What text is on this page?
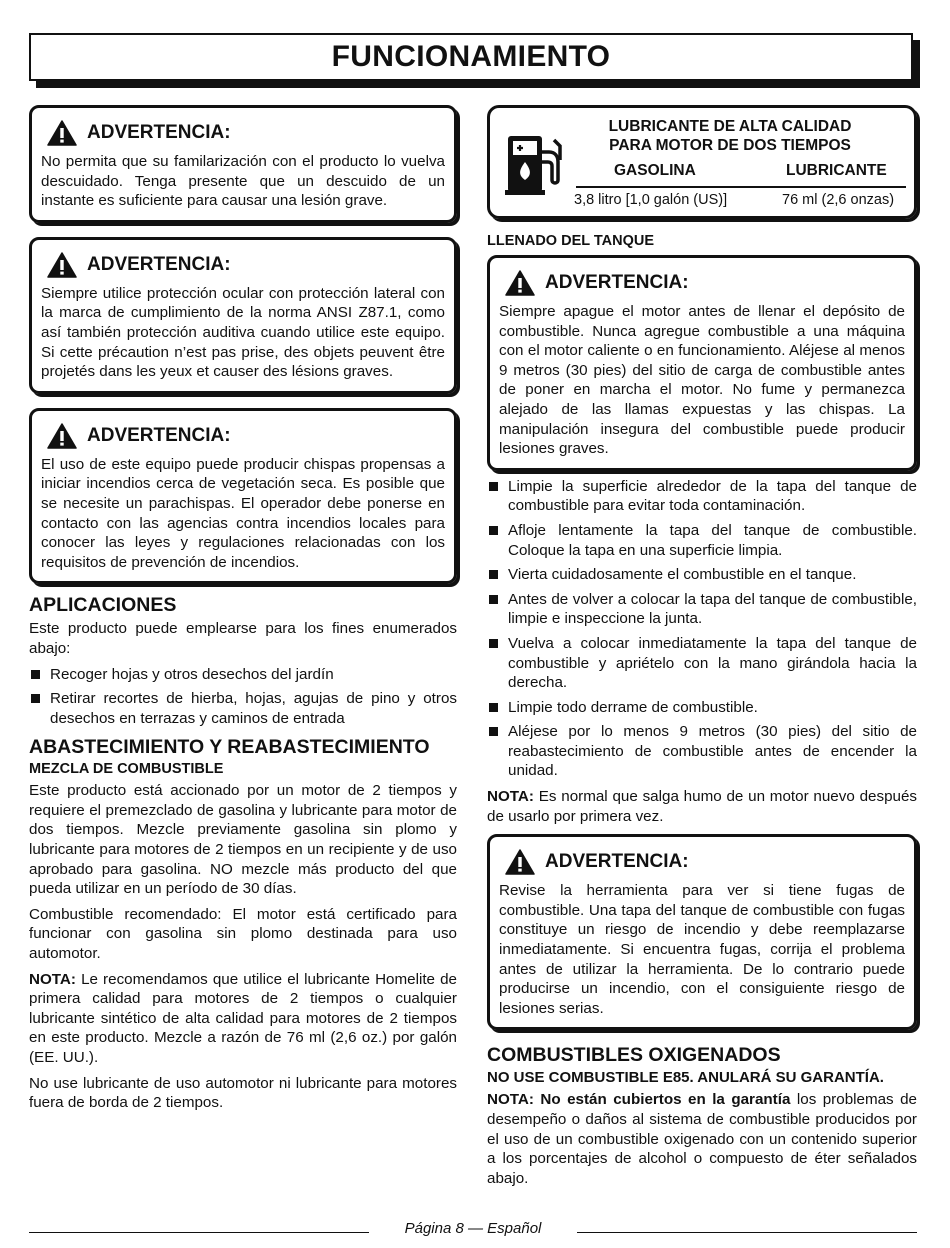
FUNCIONAMIENTO
ADVERTENCIA:

No permita que su familarización con el producto lo vuelva descuidado. Tenga presente que un descuido de un instante es suficiente para causar una lesión grave.

ADVERTENCIA:

Siempre utilice protección ocular con protección lateral con la marca de cumplimiento de la norma ANSI Z87.1, como así también protección auditiva cuando utilice este equipo. Si cette précaution n’est pas prise, des objets peuvent être projetés dans les yeux et causer des lésions graves.

ADVERTENCIA:

El uso de este equipo puede producir chispas propensas a iniciar incendios cerca de vegetación seca. Es posible que se necesite un parachispas. El operador debe ponerse en contacto con las agencias contra incendios locales para conocer las leyes y regulaciones relacionadas con los requisitos de prevención de incendios.

APLICACIONES

Este producto puede emplearse para los fines enumerados abajo:

Recoger hojas y otros desechos del jardín
Retirar recortes de hierba, hojas, agujas de pino y otros desechos en terrazas y caminos de entrada
ABASTECIMIENTO Y REABASTECIMIENTO
MEZCLA DE COMBUSTIBLE

Este producto está accionado por un motor de 2 tiempos y requiere el premezclado de gasolina y lubricante para motor de dos tiempos. Mezcle previamente gasolina sin plomo y lubricante para motores de 2 tiempos en un recipiente y de uso aprobado para gasolina. NO mezcle más producto del que pueda utilizar en un período de 30 días.

Combustible recomendado: El motor está certificado para funcionar con gasolina sin plomo destinada para uso automotor.

NOTA: Le recomendamos que utilice el lubricante Homelite de primera calidad para motores de 2 tiempos o cualquier lubricante sintético de alta calidad para motores de 2 tiempos en este producto. Mezcle a razón de 76 ml (2,6 oz.) por galón (EE. UU.).

No use lubricante de uso automotor ni lubricante para motores fuera de borda de 2 tiempos.

LUBRICANTE DE ALTA CALIDAD
PARA MOTOR DE DOS TIEMPOS
GASOLINA	LUBRICANTE
3,8 litro [1,0 galón (US)]	76 ml (2,6 onzas)
LLENADO DEL TANQUE
ADVERTENCIA:

Siempre apague el motor antes de llenar el depósito de combustible. Nunca agregue combustible a una máquina con el motor caliente o en funcionamiento. Aléjese al menos 9 metros (30 pies) del sitio de carga de combustible antes de poner en marcha el motor. No fume y permanezca alejado de las llamas expuestas y las chispas. La manipulación insegura del combustible puede producir lesiones graves.

Limpie la superficie alrededor de la tapa del tanque de combustible para evitar toda contaminación.
Afloje lentamente la tapa del tanque de combustible. Coloque la tapa en una superficie limpia.
Vierta cuidadosamente el combustible en el tanque.
Antes de volver a colocar la tapa del tanque de combustible, limpie e inspeccione la junta.
Vuelva a colocar inmediatamente la tapa del tanque de combustible y apriételo con la mano girándola hacia la derecha.
Limpie todo derrame de combustible.
Aléjese por lo menos 9 metros (30 pies) del sitio de reabastecimiento de combustible antes de encender la unidad.

NOTA: Es normal que salga humo de un motor nuevo después de usarlo por primera vez.

ADVERTENCIA:

Revise la herramienta para ver si tiene fugas de combustible. Una tapa del tanque de combustible con fugas constituye un riesgo de incendio y debe reemplazarse inmediatamente. Si encuentra fugas, corrija el problema antes de utilizar la herramienta. De lo contrario puede producirse un incendio, con el consiguiente riesgo de lesiones serias.

COMBUSTIBLES OXIGENADOS
NO USE COMBUSTIBLE E85. ANULARÁ SU GARANTÍA.

NOTA: No están cubiertos en la garantía los problemas de desempeño o daños al sistema de combustible producidos por el uso de un combustible oxigenado con un contenido superior a los porcentajes de alcohol o compuesto de éter señalados abajo.

Página 8 — Español
